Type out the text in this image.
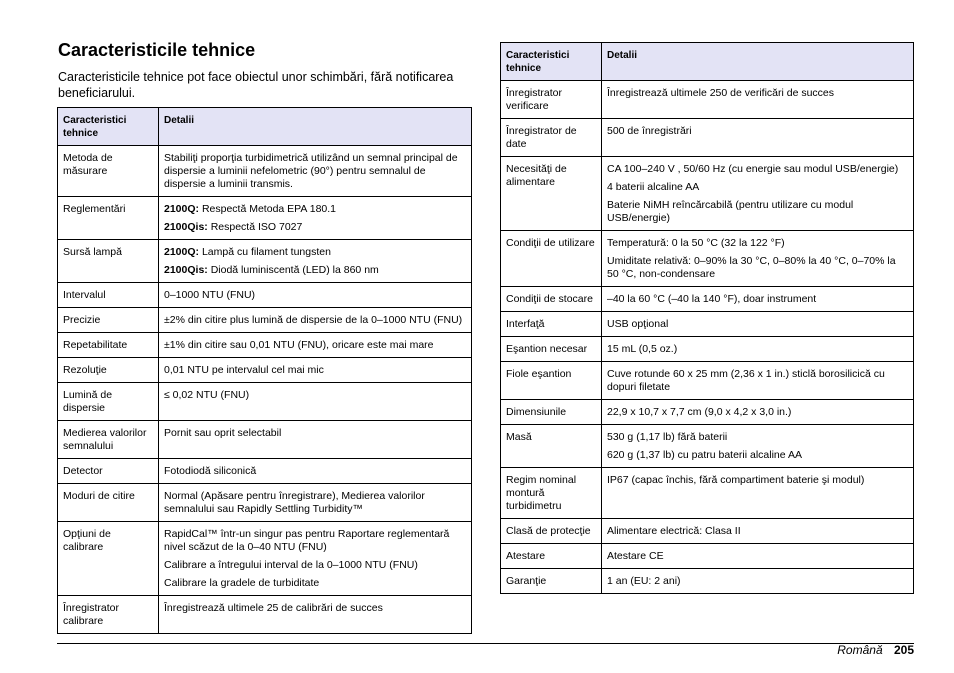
Caracteristicile tehnice

Caracteristicile tehnice pot face obiectul unor schimbări, fără notificarea beneficiarului.

Caracteristici tehnice	Detalii
Metoda de măsurare	Stabiliţi proporţia turbidimetrică utilizând un semnal principal de dispersie a luminii nefelometric (90°) pentru semnalul de dispersie a luminii transmis.

Reglementări	2100Q: Respectă Metoda EPA 180.1
2100Qis: Respectă ISO 7027

Sursă lampă	2100Q: Lampă cu filament tungsten
2100Qis: Diodă luminiscentă (LED) la 860 nm

Intervalul	0–1000 NTU (FNU)

Precizie	±2% din citire plus lumină de dispersie de la 0–1000 NTU (FNU)

Repetabilitate	±1% din citire sau 0,01 NTU (FNU), oricare este mai mare

Rezoluţie	0,01 NTU pe intervalul cel mai mic

Lumină de dispersie	≤ 0,02 NTU (FNU)

Medierea valorilor semnalului	Pornit sau oprit selectabil

Detector	Fotodiodă siliconică

Moduri de citire	Normal (Apăsare pentru înregistrare), Medierea valorilor semnalului sau Rapidly Settling Turbidity™

Opţiuni de calibrare	RapidCal™ într-un singur pas pentru Raportare reglementară nivel scăzut de la 0–40 NTU (FNU)
Calibrare a întregului interval de la 0–1000 NTU (FNU)
Calibrare la gradele de turbiditate

Înregistrator calibrare	Înregistrează ultimele 25 de calibrări de succes
Caracteristici tehnice	Detalii
Înregistrator verificare	Înregistrează ultimele 250 de verificări de succes

Înregistrator de date	500 de înregistrări

Necesităţi de alimentare	CA 100–240 V , 50/60 Hz (cu energie sau modul USB/energie)
4 baterii alcaline AA
Baterie NiMH reîncărcabilă (pentru utilizare cu modul USB/energie)

Condiţii de utilizare	Temperatură: 0 la 50 °C (32 la 122 °F)
Umiditate relativă: 0–90% la 30 °C, 0–80% la 40 °C, 0–70% la 50 °C, non-condensare

Condiţii de stocare	–40 la 60 °C (–40 la 140 °F), doar instrument

Interfaţă	USB opţional

Eşantion necesar	15 mL (0,5 oz.)

Fiole eşantion	Cuve rotunde 60 x 25 mm (2,36 x 1 in.) sticlă borosilicică cu dopuri filetate

Dimensiunile	22,9 x 10,7 x 7,7 cm (9,0 x 4,2 x 3,0 in.)

Masă	530 g (1,17 lb) fără baterii
620 g (1,37 lb) cu patru baterii alcaline AA

Regim nominal montură turbidimetru	IP67 (capac închis, fără compartiment baterie şi modul)

Clasă de protecţie	Alimentare electrică: Clasa II

Atestare	Atestare CE

Garanţie	1 an (EU: 2 ani)
Română 205
